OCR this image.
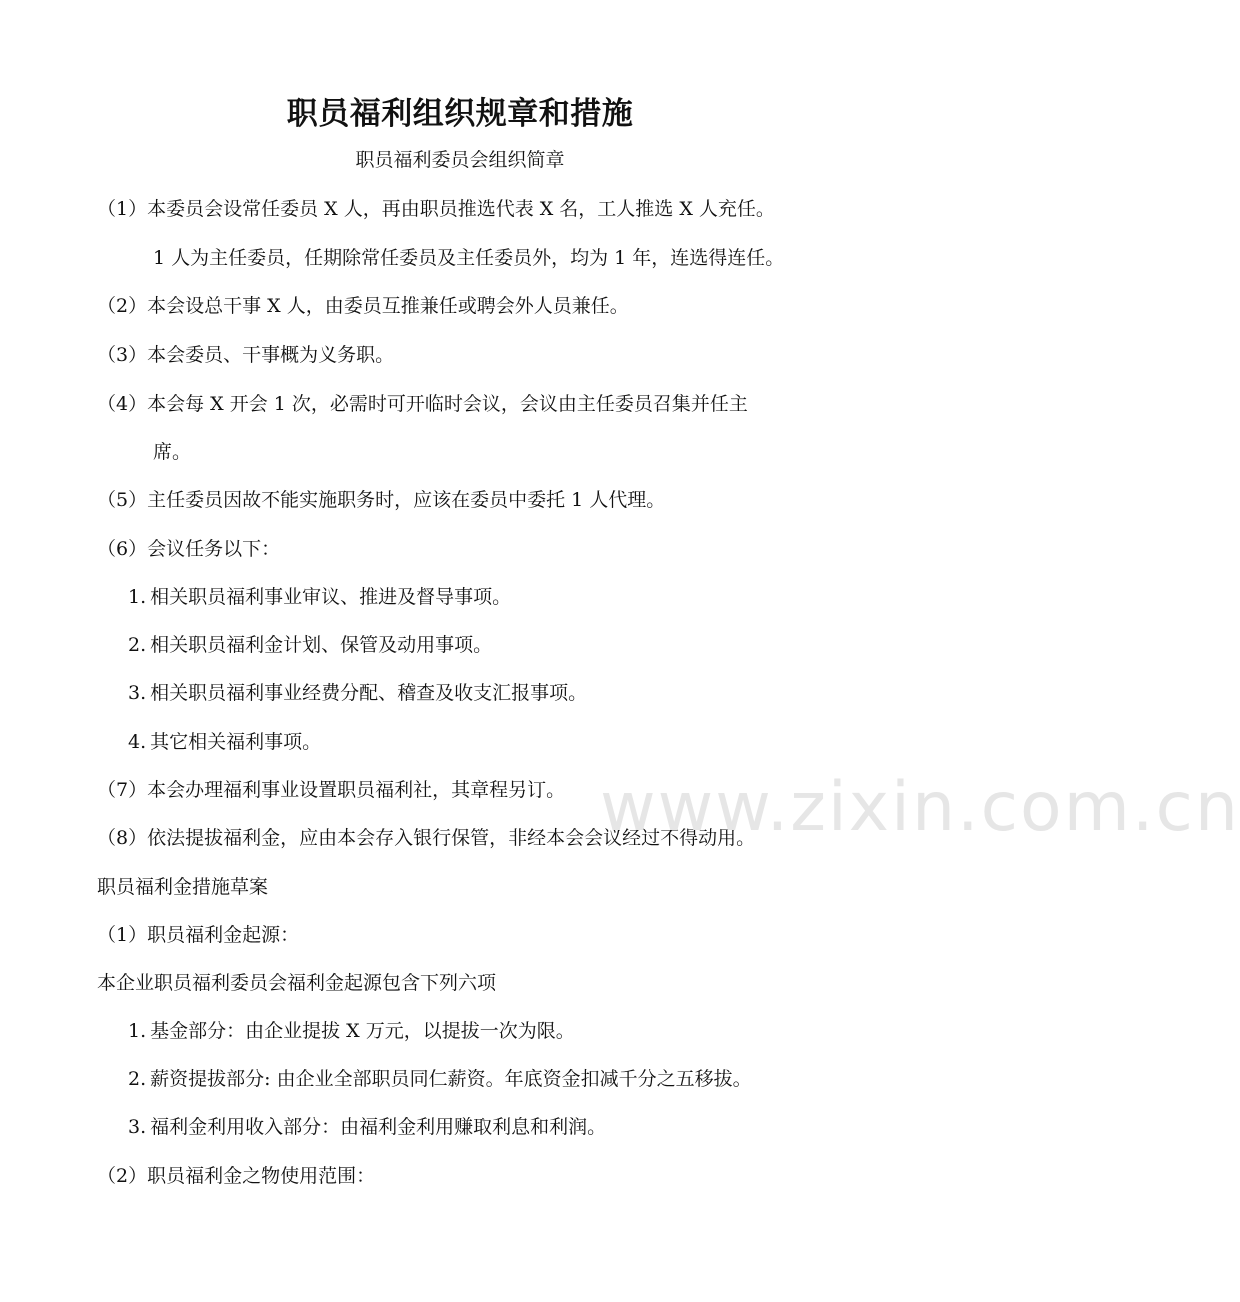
职员福利组织规章和措施
职员福利委员会组织简章
（1）本委员会设常任委员 X 人，再由职员推选代表 X 名，工人推选 X 人充任。
1 人为主任委员，任期除常任委员及主任委员外，均为 1 年，连选得连任。
（2）本会设总干事 X 人，由委员互推兼任或聘会外人员兼任。
（3）本会委员、干事概为义务职。
（4）本会每 X 开会 1 次，必需时可开临时会议，会议由主任委员召集并任主
席。
（5）主任委员因故不能实施职务时，应该在委员中委托 1 人代理。
（6）会议任务以下：
1. 相关职员福利事业审议、推进及督导事项。
2. 相关职员福利金计划、保管及动用事项。
3. 相关职员福利事业经费分配、稽查及收支汇报事项。
4. 其它相关福利事项。
（7）本会办理福利事业设置职员福利社，其章程另订。
（8）依法提拔福利金，应由本会存入银行保管，非经本会会议经过不得动用。
职员福利金措施草案
（1）职员福利金起源：
本企业职员福利委员会福利金起源包含下列六项
1. 基金部分：由企业提拔 X 万元，以提拔一次为限。
2. 薪资提拔部分: 由企业全部职员同仁薪资。年底资金扣减千分之五移拔。
3. 福利金利用收入部分：由福利金利用赚取利息和利润。
（2）职员福利金之物使用范围：
www.zixin.com.cn
